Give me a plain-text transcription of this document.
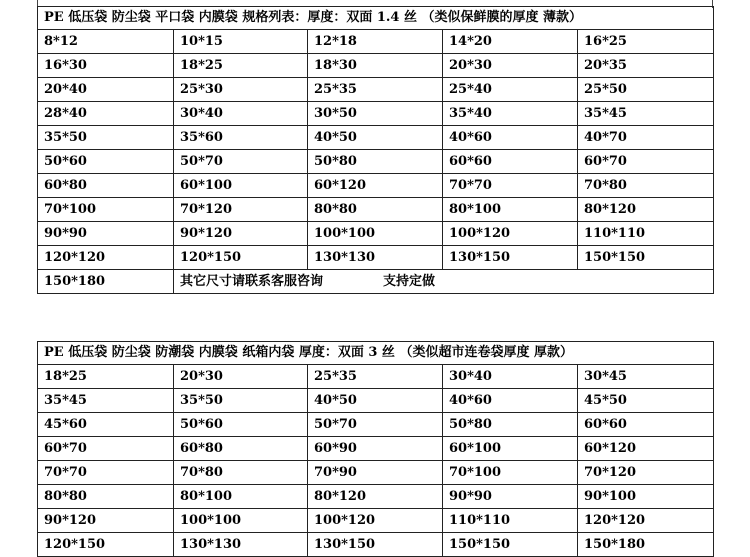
PE 低压袋 防尘袋 平口袋 内膜袋 规格列表：厚度：双面 1.4 丝 （类似保鲜膜的厚度 薄款）				
8*12	10*15	12*18	14*20	16*25
16*30	18*25	18*30	20*30	20*35
20*40	25*30	25*35	25*40	25*50
28*40	30*40	30*50	35*40	35*45
35*50	35*60	40*50	40*60	40*70
50*60	50*70	50*80	60*60	60*70
60*80	60*100	60*120	70*70	70*80
70*100	70*120	80*80	80*100	80*120
90*90	90*120	100*100	100*120	110*110
120*120	120*150	130*130	130*150	150*150
150*180	其它尺寸请联系客服咨询 支持定做			
PE 低压袋 防尘袋 防潮袋 内膜袋 纸箱内袋 厚度：双面 3 丝 （类似超市连卷袋厚度 厚款）				
18*25	20*30	25*35	30*40	30*45
35*45	35*50	40*50	40*60	45*50
45*60	50*60	50*70	50*80	60*60
60*70	60*80	60*90	60*100	60*120
70*70	70*80	70*90	70*100	70*120
80*80	80*100	80*120	90*90	90*100
90*120	100*100	100*120	110*110	120*120
120*150	130*130	130*150	150*150	150*180
